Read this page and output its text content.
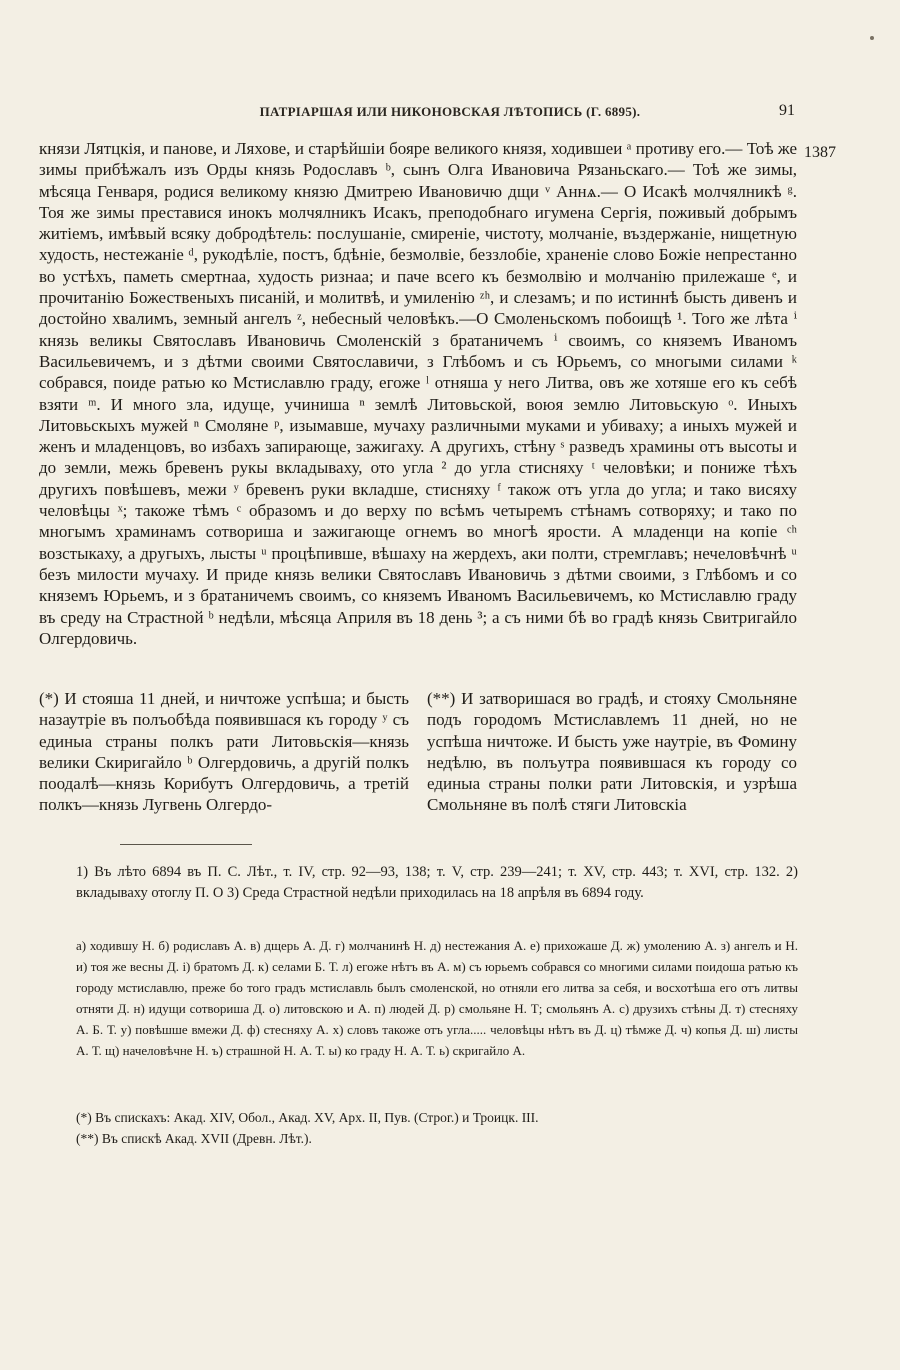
ПАТРІАРШАЯ ИЛИ НИКОНОВСКАЯ ЛѢТОПИСЬ (Г. 6895).	91
1387
князи Лятцкія, и панове, и Ляхове, и старѣйшіи бояре великого князя, ходившеи ᵃ противу его.— Тоѣ же зимы прибѣжалъ изъ Орды князь Родославъ ᵇ, сынъ Олга Ивановича Рязаньскаго.— Тоѣ же зимы, мѣсяца Генваря, родися великому князю Дмитрею Ивановичю дщи ᵛ Аннѧ.— О Исакѣ молчялникѣ ᵍ. Тоя же зимы преставися инокъ молчялникъ Исакъ, преподобнаго игумена Сергія, поживый добрымъ житіемъ, имѣвый всяку добродѣтель: послушаніе, смиреніе, чистоту, молчаніе, въздержаніе, нищетную худость, нестежаніе ᵈ, рукодѣліе, постъ, бдѣніе, безмолвіе, беззлобіе, храненіе слово Божіе непрестанно во устѣхъ, паметь смертнаа, худость ризнаа; и паче всего къ безмолвію и молчанію прилежаше ᵉ, и прочитанію Божественыхъ писаній, и молитвѣ, и умиленію ᶻʰ, и слезамъ; и по истиннѣ бысть дивенъ и достойно хвалимъ, земный ангелъ ᶻ, небесный человѣкъ.—О Смоленьскомъ побоищѣ ¹. Того же лѣта ⁱ князь великы Святославъ Ивановичь Смоленскій з братаничемъ ⁱ своимъ, со княземъ Иваномъ Васильевичемъ, и з дѣтми своими Святославичи, з Глѣбомъ и съ Юрьемъ, со многыми силами ᵏ собрався, поиде ратью ко Мстиславлю граду, егоже ˡ отняша у него Литва, овъ же хотяше его къ себѣ взяти ᵐ. И много зла, идуще, учиниша ⁿ землѣ Литовьской, воюя землю Литовьскую ᵒ. Иныхъ Литовьскыхъ мужей ⁿ Смоляне ᵖ, изымавше, мучаху различными муками и убиваху; а иныхъ мужей и женъ и младенцовъ, во избахъ запирающе, зажигаху. А другихъ, стѣну ˢ разведъ храмины отъ высоты и до земли, межь бревенъ рукы вкладываху, ото угла ² до угла стисняху ᵗ человѣки; и пониже тѣхъ другихъ повѣшевъ, межи ʸ бревенъ руки вкладше, стисняху ᶠ також отъ угла до угла; и тако висяху человѣцы ˣ; такоже тѣмъ ᶜ образомъ и до верху по всѣмъ четыремъ стѣнамъ сотворяху; и тако по многымъ храминамъ сотвориша и зажигающе огнемъ во многѣ ярости. А младенци на копіе ᶜʰ возстыкаху, а другыхъ, лысты ᵘ процѣпивше, вѣшаху на жердехъ, аки полти, стремглавъ; нечеловѣчнѣ ᵘ безъ милости мучаху. И приде князь велики Святославъ Ивановичь з дѣтми своими, з Глѣбомъ и со княземъ Юрьемъ, и з братаничемъ своимъ, со княземъ Иваномъ Васильевичемъ, ко Мстиславлю граду въ среду на Страстной ᵇ недѣли, мѣсяца Априля въ 18 день ³; а съ ними бѣ во градѣ князь Свитригайло Олгердовичь.
(*) И стояша 11 дней, и ничтоже успѣша; и бысть назаутріе въ полъобѣда появившася къ городу ʸ съ единыа страны полкъ рати Литовьскія—князь велики Скиригайло ᵇ Олгердовичь, а другій полкъ поодалѣ—князь Корибутъ Олгердовичь, а третій полкъ—князь Лугвень Олгердо-
(**) И затворишася во градѣ, и стояху Смольняне подъ городомъ Мстиславлемъ 11 дней, но не успѣша ничтоже. И бысть уже наутріе, въ Фомину недѣлю, въ полъутра появившася къ городу со единыа страны полки рати Литовскія, и узрѣша Смольняне въ полѣ стяги Литовскіа
1) Въ лѣто 6894 въ П. С. Лѣт., т. IV, стр. 92—93, 138; т. V, стр. 239—241; т. XV, стр. 443; т. XVI, стр. 132. 2) вкладываху отоглу П. О 3) Среда Страстной недѣли приходилась на 18 апрѣля въ 6894 году.
а) ходившу Н. б) родиславъ А. в) дщерь А. Д. г) молчанинѣ Н. д) нестежания А. е) прихожаше Д. ж) умолению А. з) ангелъ и Н. и) тоя же весны Д. і) братомъ Д. к) селами Б. Т. л) егоже нѣтъ въ А. м) съ юрьемъ собрався со многими силами поидоша ратью къ городу мстиславлю, преже бо того градъ мстиславль былъ смоленской, но отняли его литва за себя, и восхотѣша его отъ литвы отняти Д. н) идущи сотвориша Д. о) литовскою и А. п) людей Д. р) смольяне Н. Т; смольянъ А. с) друзихъ стѣны Д. т) стесняху А. Б. Т. у) повѣшше вмежи Д. ф) стесняху А. х) словъ такоже отъ угла..... человѣцы нѣтъ въ Д. ц) тѣмже Д. ч) копья Д. ш) листы А. Т. щ) начеловѣчне Н. ъ) страшной Н. А. Т. ы) ко граду Н. А. Т. ь) скригайло А.
(*) Въ спискахъ: Акад. XIV, Обол., Акад. XV, Арх. II, Пув. (Строг.) и Троицк. III.
(**) Въ спискѣ Акад. XVII (Древн. Лѣт.).
